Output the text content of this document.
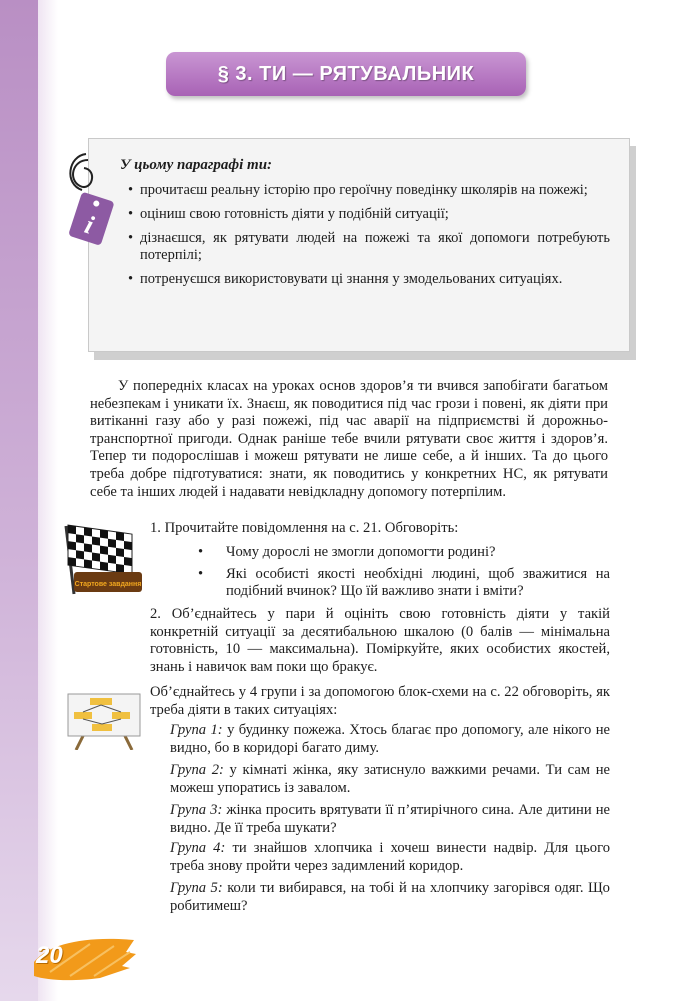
§ 3. ТИ — РЯТУВАЛЬНИК
i
У цьому параграфі ти:
• прочитаєш реальну історію про героїчну поведінку школярів на пожежі;
• оціниш свою готовність діяти у подібній ситуації;
• дізнаєшся, як рятувати людей на пожежі та якої допомоги потребують потерпілі;
• потренуєшся використовувати ці знання у змодельованих ситуаціях.

У попередніх класах на уроках основ здоров’я ти вчився запобігати багатьом небезпекам і уникати їх. Знаєш, як поводитися під час грози і повені, як діяти при витіканні газу або у разі пожежі, під час аварії на підприємстві й дорожньо-транспортної пригоди. Однак раніше тебе вчили рятувати своє життя і здоров’я. Тепер ти подорослішав і можеш рятувати не лише себе, а й інших. Та до цього треба добре підготуватися: знати, як поводитись у конкретних НС, як рятувати себе та інших людей і надавати невідкладну допомогу потерпілим.

Стартове завдання
1. Прочитайте повідомлення на с. 21. Обговоріть:
• Чому дорослі не змогли допомогти родині?
• Які особисті якості необхідні людині, щоб зважитися на подібний вчинок? Що їй важливо знати і вміти?

2. Об’єднайтесь у пари й оцініть свою готовність діяти у такій конкретній ситуації за десятибальною шкалою (0 балів — мінімальна готовність, 10 — максимальна). Поміркуйте, яких особистих якостей, знань і навичок вам поки що бракує.

Об’єднайтесь у 4 групи і за допомогою блок-схеми на с. 22 обговоріть, як треба діяти в таких ситуаціях:

Група 1: у будинку пожежа. Хтось благає про допомогу, але нікого не видно, бо в коридорі багато диму.

Група 2: у кімнаті жінка, яку затиснуло важкими речами. Ти сам не можеш упоратись із завалом.

Група 3: жінка просить врятувати її п’ятирічного сина. Але дитини не видно. Де її треба шукати?

Група 4: ти знайшов хлопчика і хочеш винести надвір. Для цього треба знову пройти через задимлений коридор.

Група 5: коли ти вибирався, на тобі й на хлопчику загорівся одяг. Що робитимеш?

20
